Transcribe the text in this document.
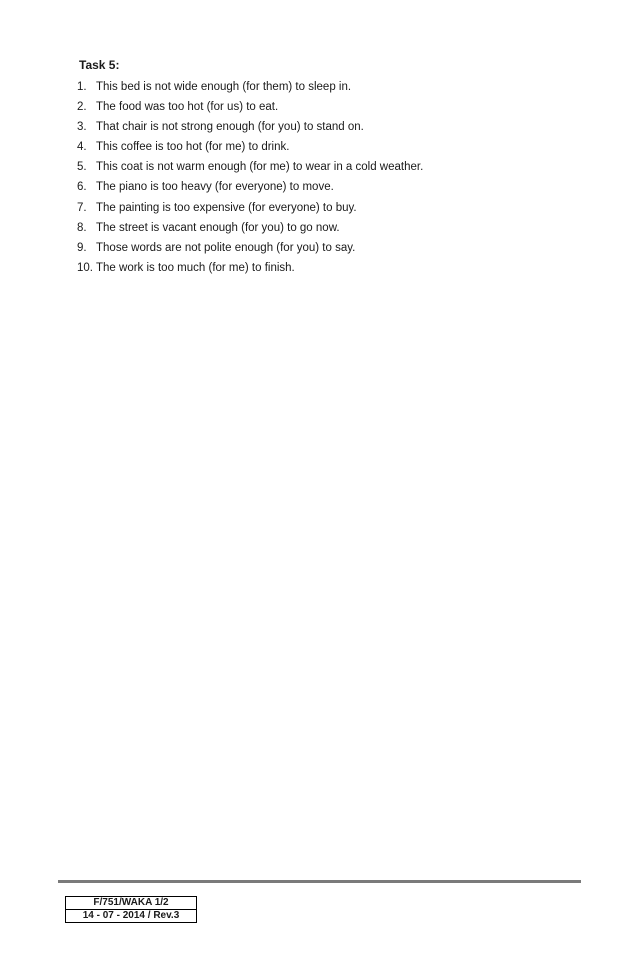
Task 5:
1. This bed is not wide enough (for them) to sleep in.
2. The food was too hot (for us) to eat.
3. That chair is not strong enough (for you) to stand on.
4. This coffee is too hot (for me) to drink.
5. This coat is not warm enough (for me) to wear in a cold weather.
6. The piano is too heavy (for everyone) to move.
7. The painting is too expensive (for everyone) to buy.
8. The street is vacant enough (for you) to go now.
9. Those words are not polite enough (for you) to say.
10. The work is too much (for me) to finish.
F/751/WAKA 1/2
14 - 07 - 2014 / Rev.3
